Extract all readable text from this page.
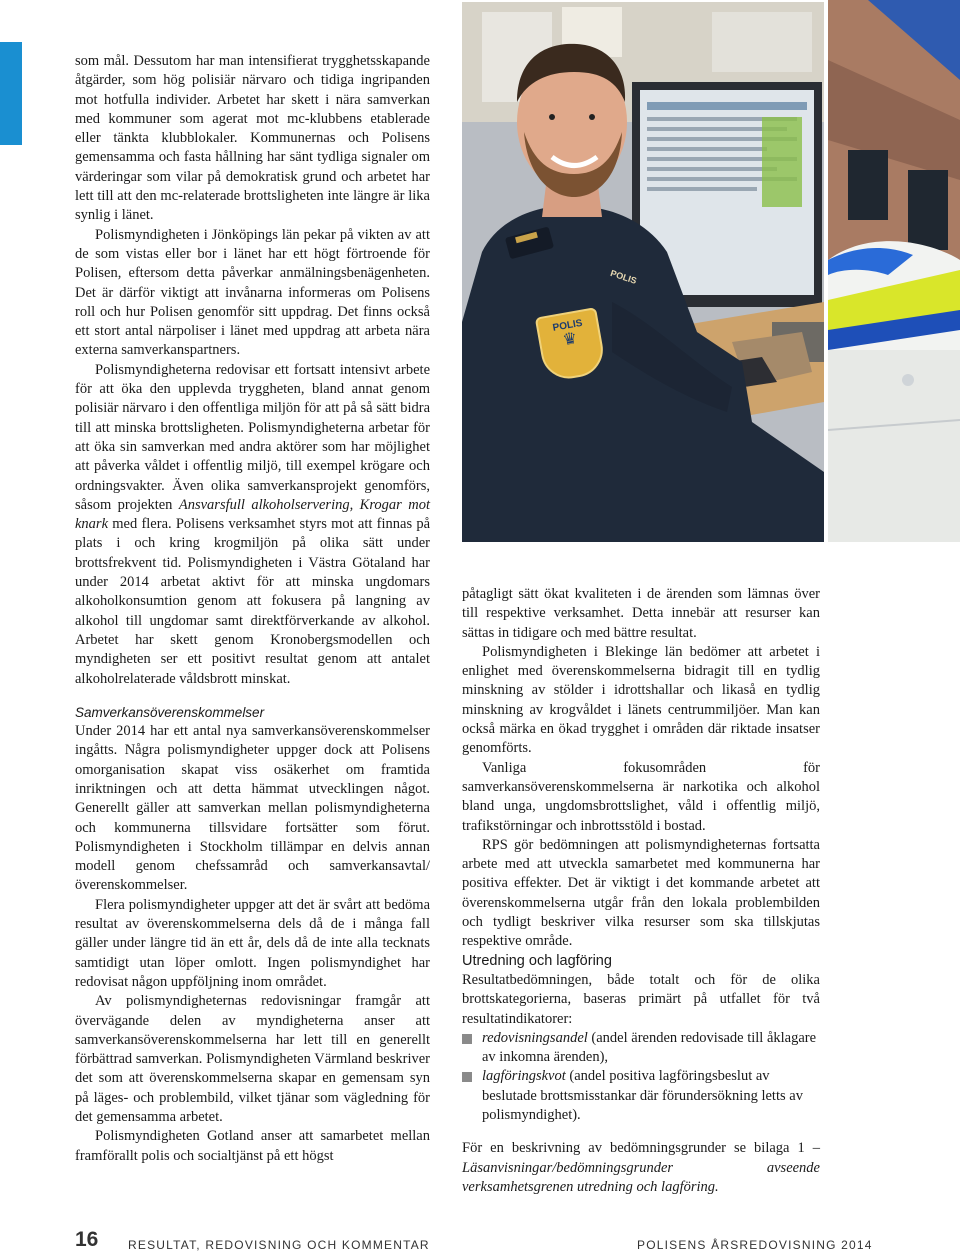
som mål. Dessutom har man intensifierat trygghetsskapande åtgärder, som hög polisiär närvaro och tidiga ingripanden mot hotfulla individer. Arbetet har skett i nära samverkan med kommuner som agerat mot mc-klubbens etablerade eller tänkta klubblokaler. Kommunernas och Polisens gemensamma och fasta hållning har sänt tydliga signaler om värderingar som vilar på demokratisk grund och arbetet har lett till att den mc-relaterade brottsligheten inte längre är lika synlig i länet.

Polismyndigheten i Jönköpings län pekar på vikten av att de som vistas eller bor i länet har ett högt förtroende för Polisen, eftersom detta påverkar anmälningsbenägenheten. Det är därför viktigt att invånarna informeras om Polisens roll och hur Polisen genomför sitt uppdrag. Det finns också ett stort antal närpoliser i länet med uppdrag att arbeta nära externa samverkanspartners.

Polismyndigheterna redovisar ett fortsatt intensivt arbete för att öka den upplevda tryggheten, bland annat genom polisiär närvaro i den offentliga miljön för att på så sätt bidra till att minska brottsligheten. Polismyndigheterna arbetar för att öka sin samverkan med andra aktörer som har möjlighet att påverka våldet i offentlig miljö, till exempel krögare och ordningsvakter. Även olika samverkansprojekt genomförs, såsom projekten Ansvarsfull alkoholservering, Krogar mot knark med flera. Polisens verksamhet styrs mot att finnas på plats i och kring krogmiljön på olika sätt under brottsfrekvent tid. Polismyndigheten i Västra Götaland har under 2014 arbetat aktivt för att minska ungdomars alkoholkonsumtion genom att fokusera på langning av alkohol till ungdomar samt direktförverkande av alkohol. Arbetet har skett genom Kronobergsmodellen och myndigheten ser ett positivt resultat genom att antalet alkoholrelaterade våldsbrott minskat.

Samverkansöverenskommelser

Under 2014 har ett antal nya samverkansöverenskommelser ingåtts. Några polismyndigheter uppger dock att Polisens omorganisation skapat viss osäkerhet om framtida inriktningen och att detta hämmat utvecklingen något. Generellt gäller att samverkan mellan polismyndigheterna och kommunerna tillsvidare fortsätter som förut. Polismyndigheten i Stockholm tillämpar en delvis annan modell genom chefssamråd och samverkansavtal/överenskommelser.

Flera polismyndigheter uppger att det är svårt att bedöma resultat av överenskommelserna dels då de i många fall gäller under längre tid än ett år, dels då de inte alla tecknats samtidigt utan löper omlott. Ingen polismyndighet har redovisat någon uppföljning inom området.

Av polismyndigheternas redovisningar framgår att övervägande delen av myndigheterna anser att samverkansöverenskommelserna har lett till en generellt förbättrad samverkan. Polismyndigheten Värmland beskriver det som att överenskommelserna skapar en gemensam syn på läges- och problembild, vilket tjänar som vägledning för det gemensamma arbetet.

Polismyndigheten Gotland anser att samarbetet mellan framförallt polis och socialtjänst på ett högst

POLIS
POLIS
♛

påtagligt sätt ökat kvaliteten i de ärenden som lämnas över till respektive verksamhet. Detta innebär att resurser kan sättas in tidigare och med bättre resultat.

Polismyndigheten i Blekinge län bedömer att arbetet i enlighet med överenskommelserna bidragit till en tydlig minskning av stölder i idrottshallar och likaså en tydlig minskning av krogvåldet i länets centrummiljöer. Man kan också märka en ökad trygghet i områden där riktade insatser genomförts.

Vanliga fokusområden för samverkansöverenskommelserna är narkotika och alkohol bland unga, ungdomsbrottslighet, våld i offentlig miljö, trafikstörningar och inbrottsstöld i bostad.

RPS gör bedömningen att polismyndigheternas fortsatta arbete med att utveckla samarbetet med kommunerna har positiva effekter. Det är viktigt i det kommande arbetet att överenskommelserna utgår från den lokala problembilden och tydligt beskriver vilka resurser som ska tillskjutas respektive område.

Utredning och lagföring

Resultatbedömningen, både totalt och för de olika brottskategorierna, baseras primärt på utfallet för två resultatindikatorer:

redovisningsandel (andel ärenden redovisade till åklagare av inkomna ärenden),
lagföringskvot (andel positiva lagföringsbeslut av beslutade brottsmisstankar där förundersökning letts av polismyndighet).

För en beskrivning av bedömningsgrunder se bilaga 1 – Läsanvisningar/bedömningsgrunder avseende verksamhetsgrenen utredning och lagföring.

16 RESULTAT, REDOVISNING OCH KOMMENTAR	POLISENS ÅRSREDOVISNING 2014
